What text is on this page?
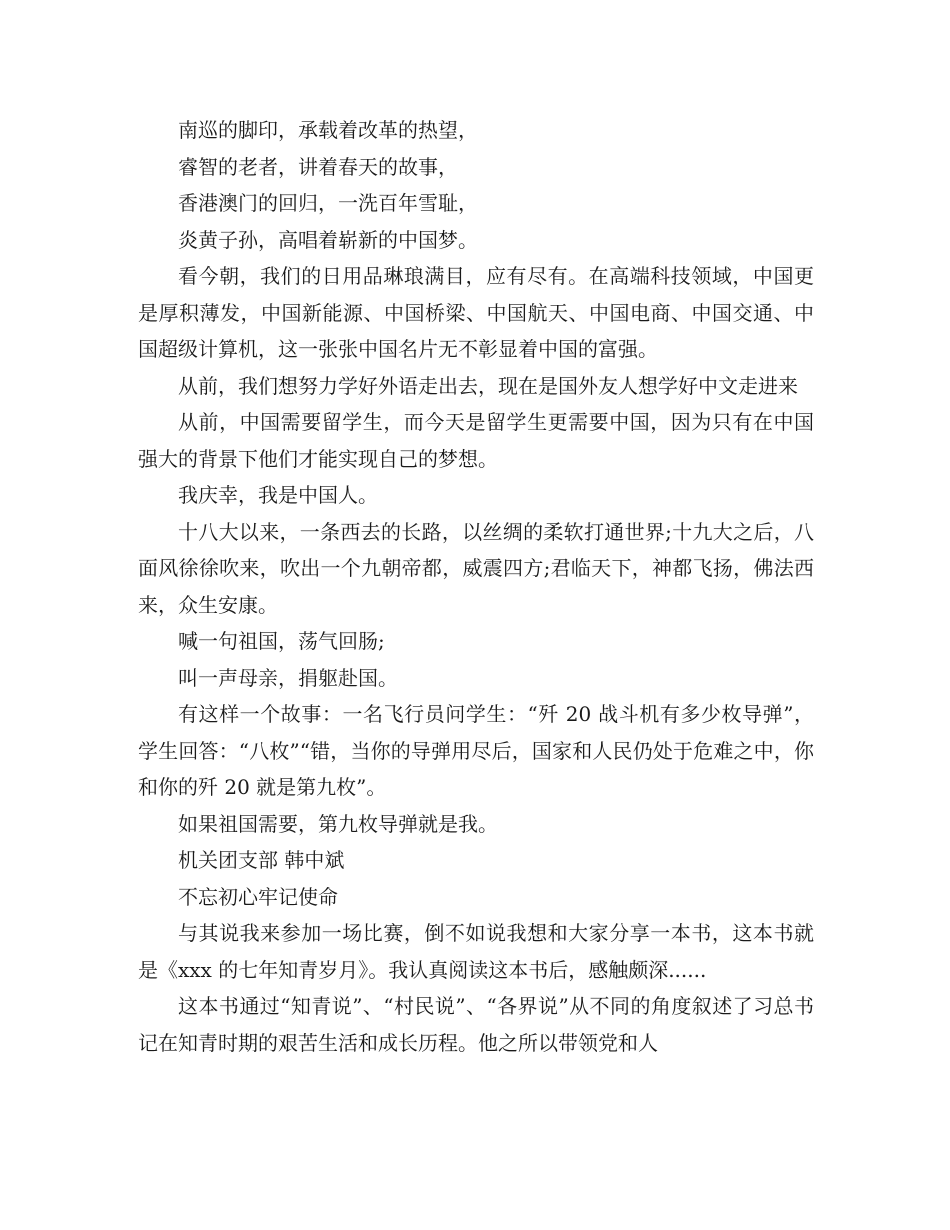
南巡的脚印，承载着改革的热望，

睿智的老者，讲着春天的故事，

香港澳门的回归，一洗百年雪耻，

炎黄子孙，高唱着崭新的中国梦。

看今朝，我们的日用品琳琅满目，应有尽有。在高端科技领域，中国更是厚积薄发，中国新能源、中国桥梁、中国航天、中国电商、中国交通、中国超级计算机，这一张张中国名片无不彰显着中国的富强。

从前，我们想努力学好外语走出去，现在是国外友人想学好中文走进来

从前，中国需要留学生，而今天是留学生更需要中国，因为只有在中国强大的背景下他们才能实现自己的梦想。

我庆幸，我是中国人。

十八大以来，一条西去的长路，以丝绸的柔软打通世界;十九大之后，八面风徐徐吹来，吹出一个九朝帝都，威震四方;君临天下，神都飞扬，佛法西来，众生安康。

喊一句祖国，荡气回肠;

叫一声母亲，捐躯赴国。

有这样一个故事：一名飞行员问学生：“歼 20 战斗机有多少枚导弹”，学生回答：“八枚”“错，当你的导弹用尽后，国家和人民仍处于危难之中，你和你的歼 20 就是第九枚”。

如果祖国需要，第九枚导弹就是我。

机关团支部 韩中斌

不忘初心牢记使命

与其说我来参加一场比赛，倒不如说我想和大家分享一本书，这本书就是《xxx 的七年知青岁月》。我认真阅读这本书后，感触颇深......

这本书通过“知青说”、“村民说”、“各界说”从不同的角度叙述了习总书记在知青时期的艰苦生活和成长历程。他之所以带领党和人
